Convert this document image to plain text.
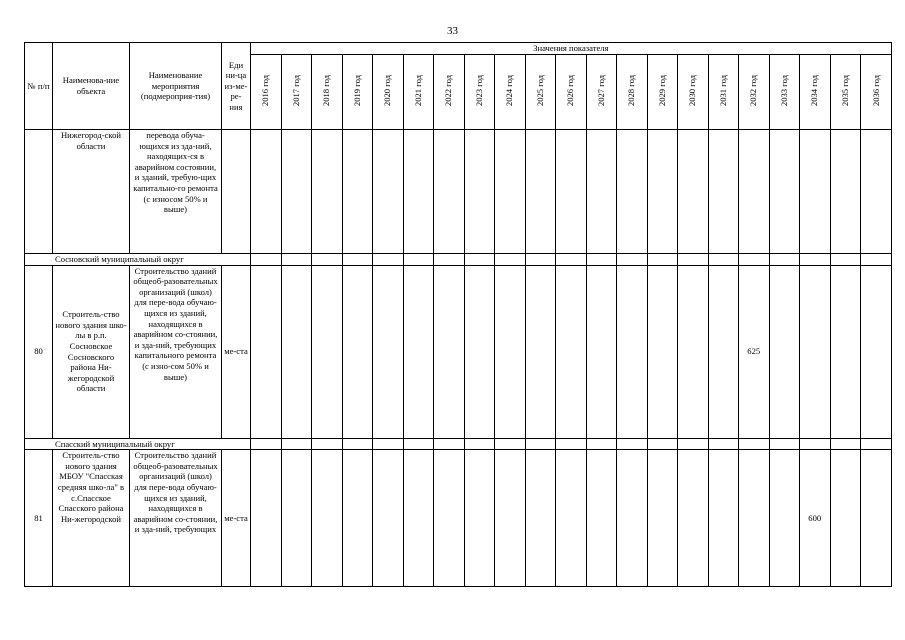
33
№ п/п	Наименова-ние объекта	Наименование мероприятия (подмероприя-тия)	Еди ни-ца из-ме-ре-ния	Значения показателя																				
				2016 год	2017 год	2018 год	2019 год	2020 год	2021 год	2022 год	2023 год	2024 год	2025 год	2026 год	2027 год	2028 год	2029 год	2030 год	2031 год	2032 год	2033 год	2034 год	2035 год	2036 год

	Нижегород-ской области	перевода обуча-ющихся из зда-ний, находящих-ся в аварийном состоянии, и зданий, требую-щих капитально-го ремонта (с износом 50% и выше)																						

Сосновский муниципальный округ																								
80	Строитель-ство нового здания шко-лы в р.п. Сосновское Сосновского района Ни-жегородской области	Строительство зданий общеоб-разовательных организаций (школ) для пере-вода обучаю-щихся из зданий, находящихся в аварийном со-стоянии, и зда-ний, требующих капитального ремонта (с изно-сом 50% и выше)	ме-ста																	625				
Спасский муниципальный округ																								
81	Строитель-ство нового здания МБОУ "Спасская средняя шко-ла" в с.Спасское Спасского района Ни-жегородской	Строительство зданий общеоб-разовательных организаций (школ) для пере-вода обучаю-щихся из зданий, находящихся в аварийном со-стоянии, и зда-ний, требующих	ме-ста																			600		
